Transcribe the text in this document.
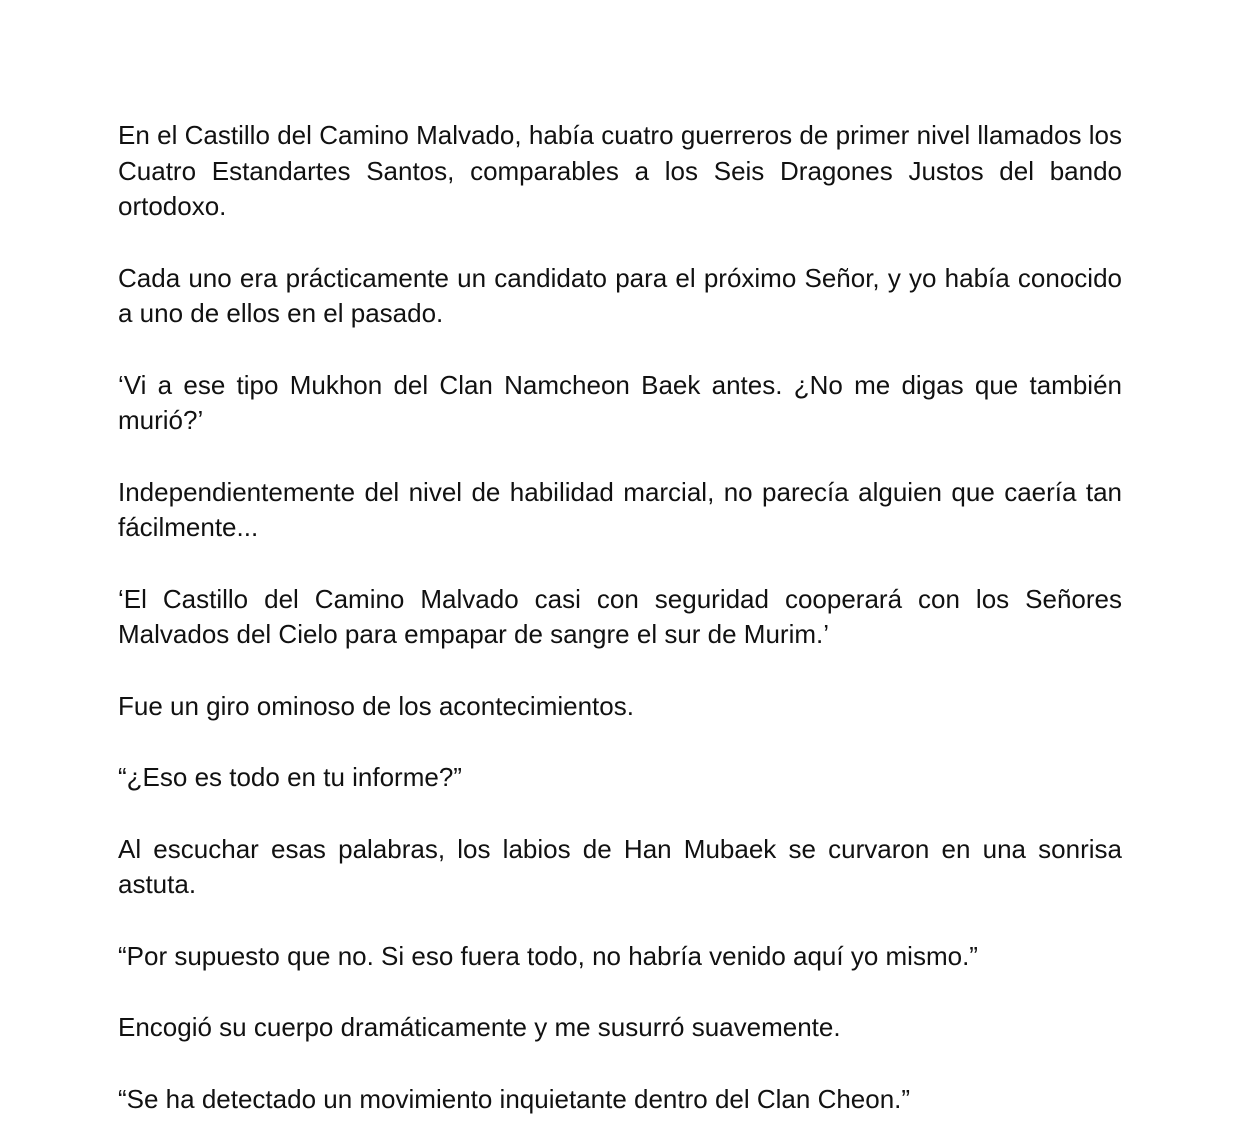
En el Castillo del Camino Malvado, había cuatro guerreros de primer nivel llamados los Cuatro Estandartes Santos, comparables a los Seis Dragones Justos del bando ortodoxo.

Cada uno era prácticamente un candidato para el próximo Señor, y yo había conocido a uno de ellos en el pasado.

‘Vi a ese tipo Mukhon del Clan Namcheon Baek antes. ¿No me digas que también murió?’

Independientemente del nivel de habilidad marcial, no parecía alguien que caería tan fácilmente...

‘El Castillo del Camino Malvado casi con seguridad cooperará con los Señores Malvados del Cielo para empapar de sangre el sur de Murim.’

Fue un giro ominoso de los acontecimientos.

“¿Eso es todo en tu informe?”

Al escuchar esas palabras, los labios de Han Mubaek se curvaron en una sonrisa astuta.

“Por supuesto que no. Si eso fuera todo, no habría venido aquí yo mismo.”

Encogió su cuerpo dramáticamente y me susurró suavemente.

“Se ha detectado un movimiento inquietante dentro del Clan Cheon.”
